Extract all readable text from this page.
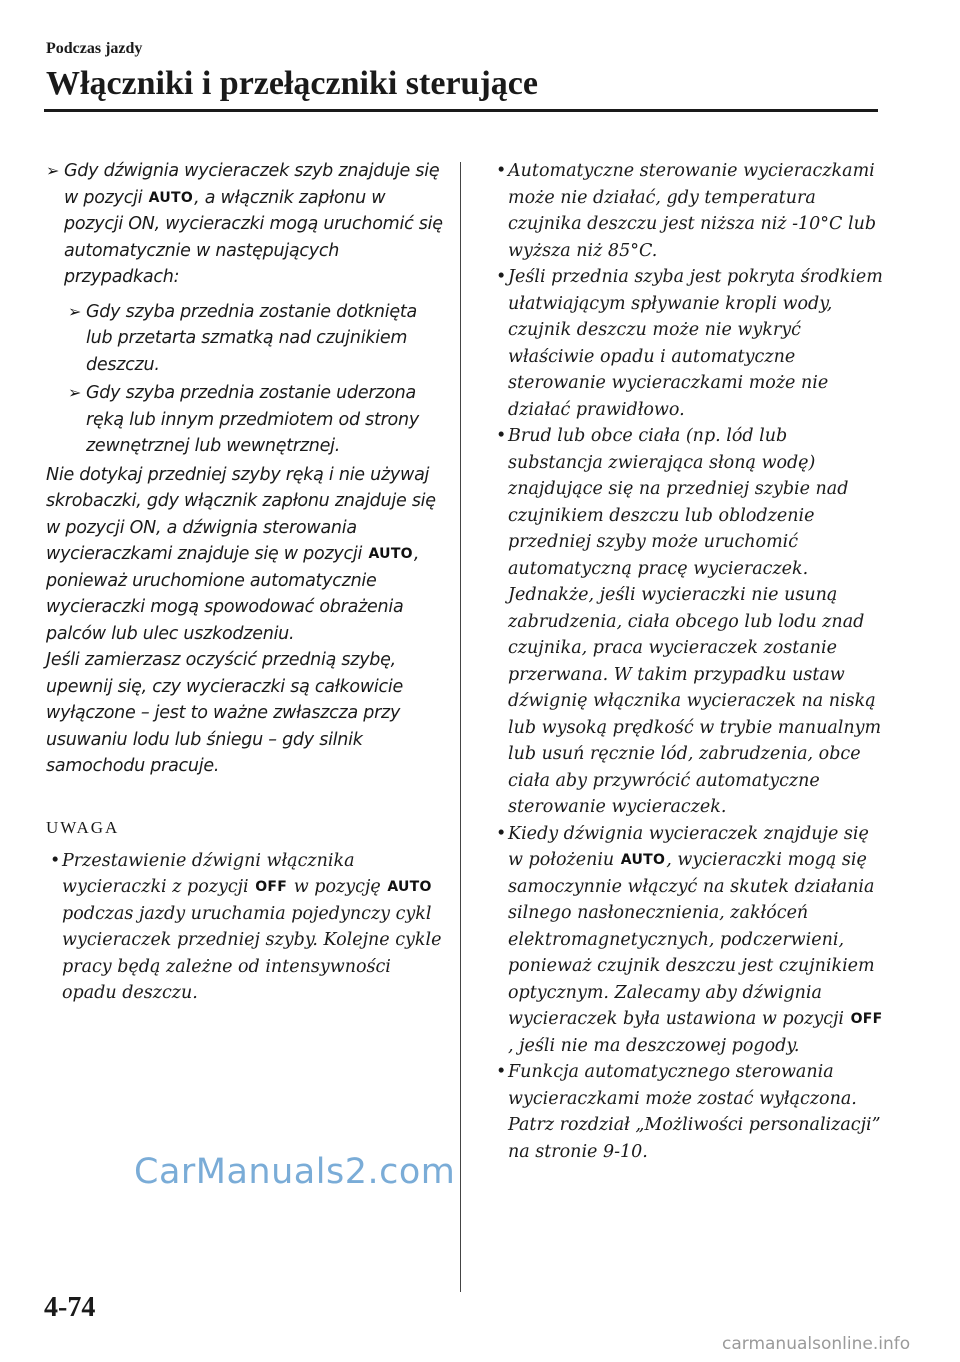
Podczas jazdy
Włączniki i przełączniki sterujące
➢ Gdy dźwignia wycieraczek szyb znajduje się w pozycji AUTO, a włącznik zapłonu w pozycji ON, wycieraczki mogą uruchomić się automatycznie w następujących przypadkach:
➢ Gdy szyba przednia zostanie dotknięta lub przetarta szmatką nad czujnikiem deszczu.
➢ Gdy szyba przednia zostanie uderzona ręką lub innym przedmiotem od strony zewnętrznej lub wewnętrznej.

Nie dotykaj przedniej szyby ręką i nie używaj skrobaczki, gdy włącznik zapłonu znajduje się w pozycji ON, a dźwignia sterowania wycieraczkami znajduje się w pozycji AUTO, ponieważ uruchomione automatycznie wycieraczki mogą spowodować obrażenia palców lub ulec uszkodzeniu.

Jeśli zamierzasz oczyścić przednią szybę, upewnij się, czy wycieraczki są całkowicie wyłączone – jest to ważne zwłaszcza przy usuwaniu lodu lub śniegu – gdy silnik samochodu pracuje.

UWAGA
• Przestawienie dźwigni włącznika wycieraczki z pozycji OFF w pozycję AUTO podczas jazdy uruchamia pojedynczy cykl wycieraczek przedniej szyby. Kolejne cykle pracy będą zależne od intensywności opadu deszczu.
• Automatyczne sterowanie wycieraczkami może nie działać, gdy temperatura czujnika deszczu jest niższa niż -10°C lub wyższa niż 85°C.
• Jeśli przednia szyba jest pokryta środkiem ułatwiającym spływanie kropli wody, czujnik deszczu może nie wykryć właściwie opadu i automatyczne sterowanie wycieraczkami może nie działać prawidłowo.
• Brud lub obce ciała (np. lód lub substancja zwierająca słoną wodę) znajdujące się na przedniej szybie nad czujnikiem deszczu lub oblodzenie przedniej szyby może uruchomić automatyczną pracę wycieraczek. Jednakże, jeśli wycieraczki nie usuną zabrudzenia, ciała obcego lub lodu znad czujnika, praca wycieraczek zostanie przerwana. W takim przypadku ustaw dźwignię włącznika wycieraczek na niską lub wysoką prędkość w trybie manualnym lub usuń ręcznie lód, zabrudzenia, obce ciała aby przywrócić automatyczne sterowanie wycieraczek.
• Kiedy dźwignia wycieraczek znajduje się w położeniu AUTO, wycieraczki mogą się samoczynnie włączyć na skutek działania silnego nasłonecznienia, zakłóceń elektromagnetycznych, podczerwieni, ponieważ czujnik deszczu jest czujnikiem optycznym. Zalecamy aby dźwignia wycieraczek była ustawiona w pozycji OFF, jeśli nie ma deszczowej pogody.
• Funkcja automatycznego sterowania wycieraczkami może zostać wyłączona. Patrz rozdział „Możliwości personalizacji” na stronie 9-10.
CarManuals2.com
4-74
carmanualsonline.info
